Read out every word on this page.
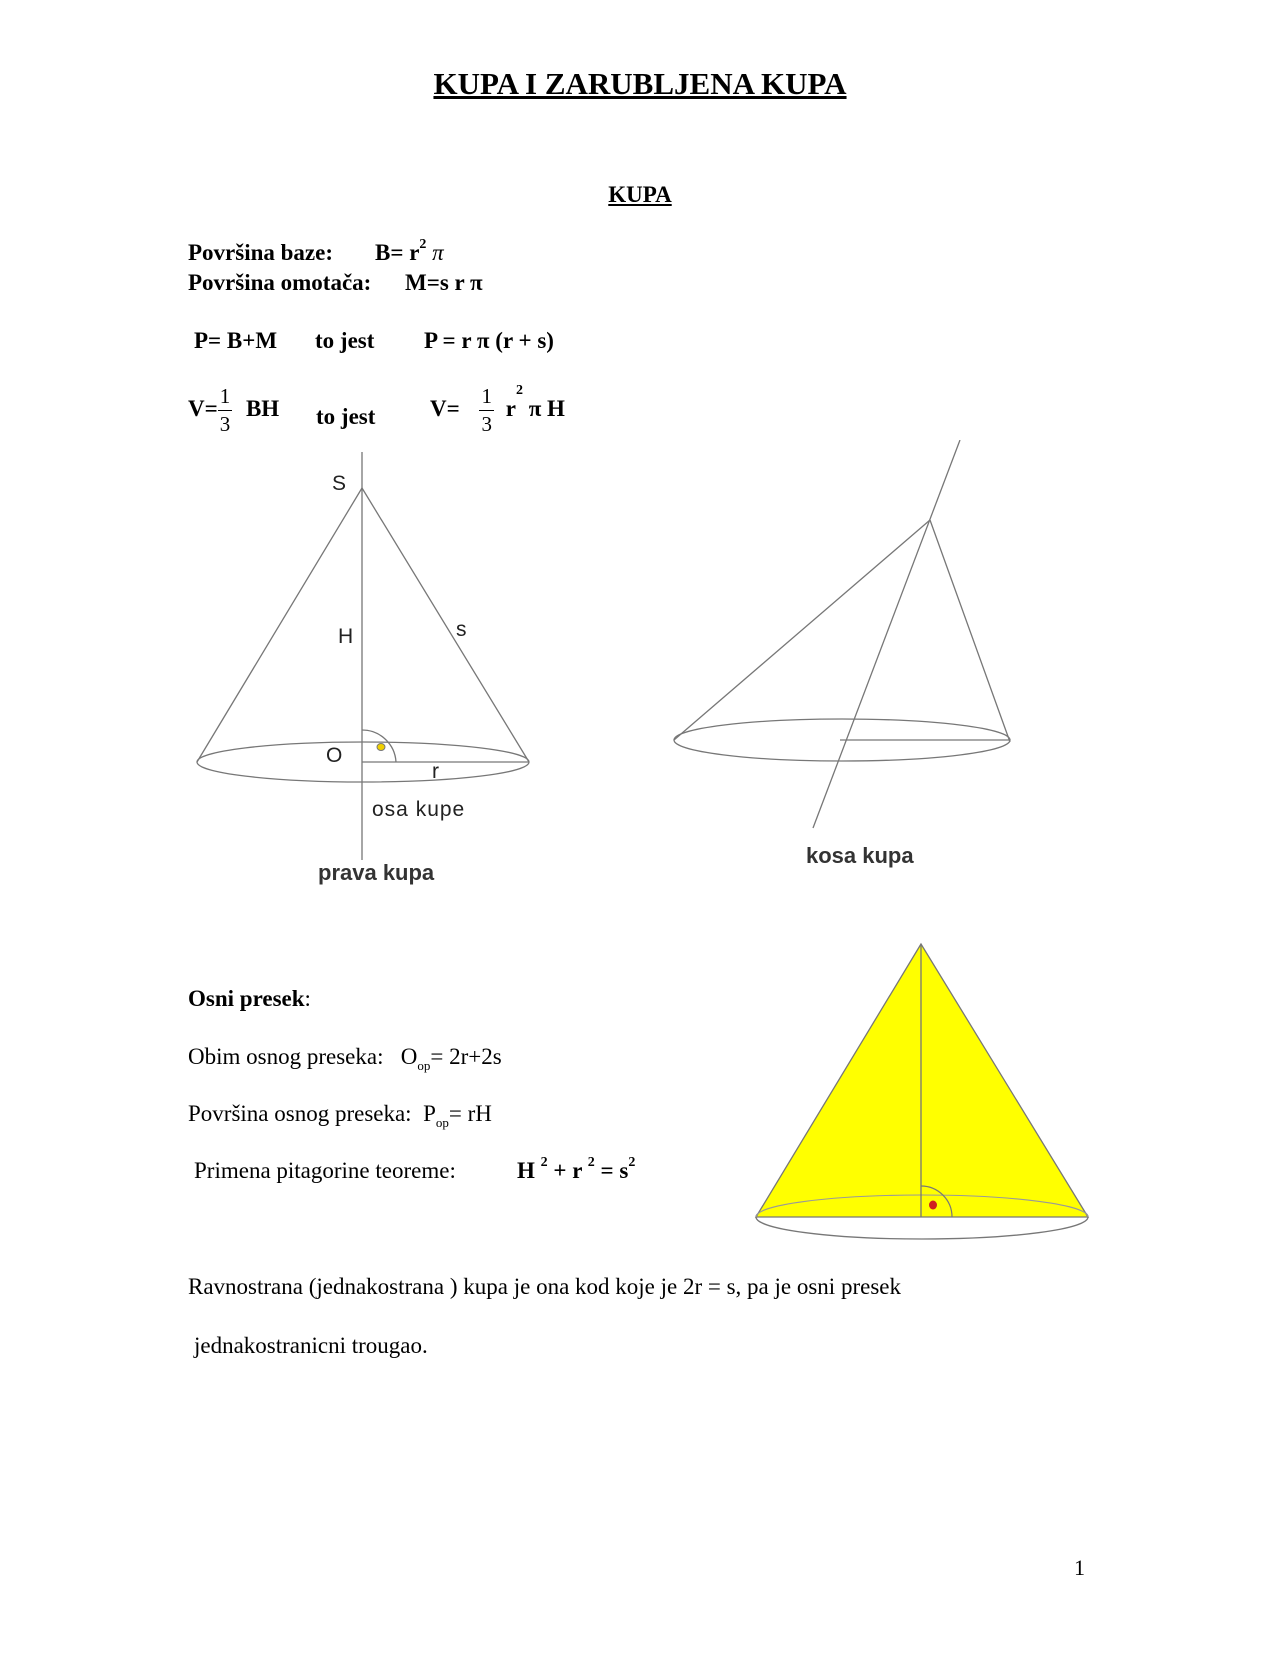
KUPA I ZARUBLJENA KUPA
KUPA
Površina baze: $B= r^2$ π
Površina omotača: M=s r π
P= B+M to jest P = r π (r + s)
$V= \frac{1}{3}$ BH to jest $V= \frac{1}{3} r^2$ π H
S
H	s
O
r
osa kupe
prava kupa
kosa kupa
Osni presek:
Obim osnog preseka: $O_{op}= 2r+2s$
Površina osnog preseka: $P_{op}=$ rH
Primena pitagorine teoreme:	H $^2$ + r $^2 = s^2$
Ravnostrana (jednakostrana ) kupa je ona kod koje je 2r = s, pa je osni presek
jednakostranicni trougao.
1
